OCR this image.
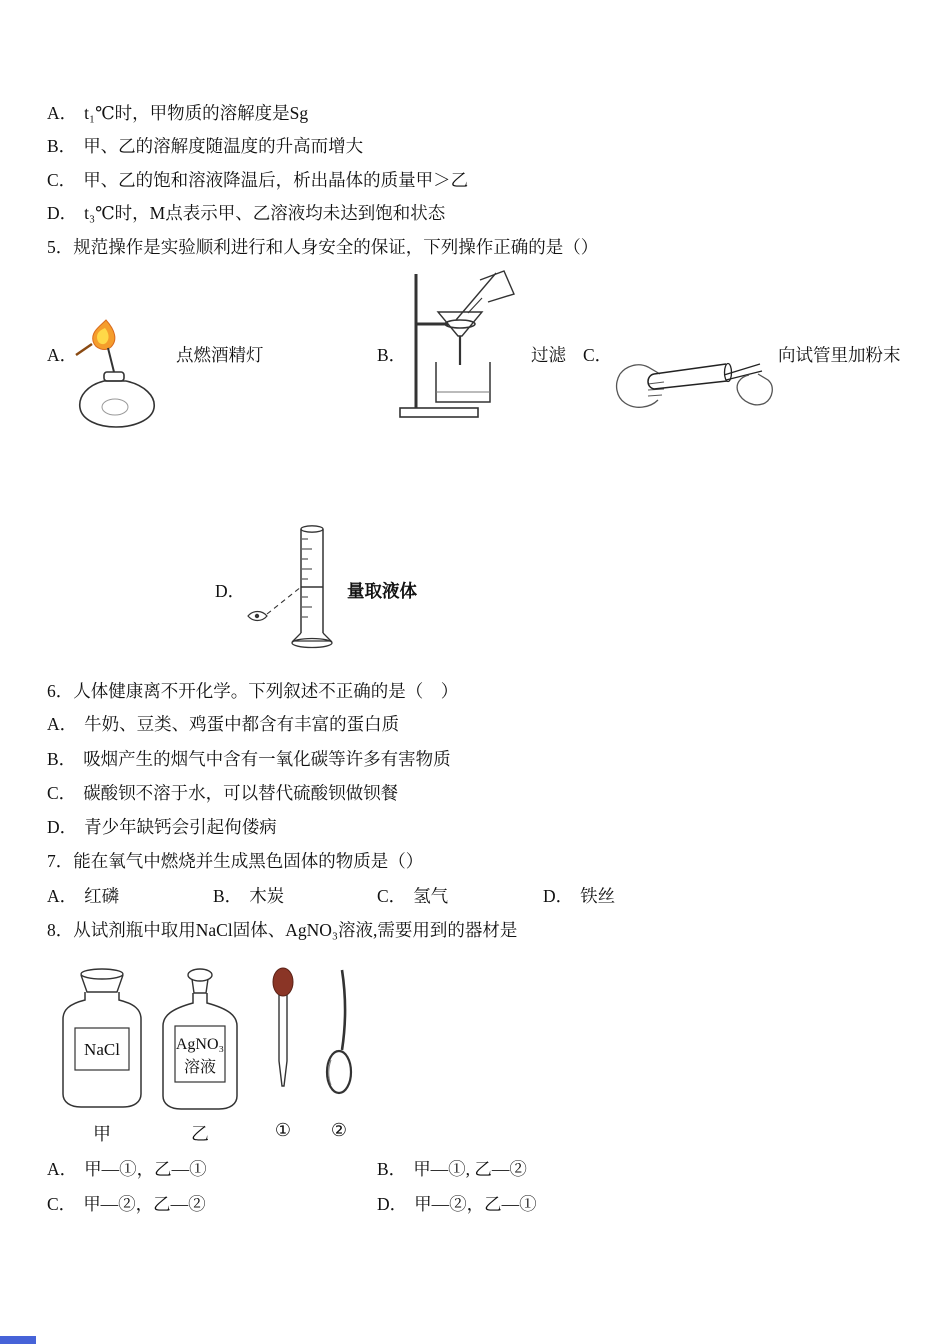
A． t₁℃时，甲物质的溶解度是Sg
B． 甲、乙的溶解度随温度的升高而增大
C． 甲、乙的饱和溶液降温后，析出晶体的质量甲＞乙
D． t₃℃时，M点表示甲、乙溶液均未达到饱和状态
5．规范操作是实验顺利进行和人身安全的保证，下列操作正确的是（）
A．	点燃酒精灯	B．	过滤 C．	向试管里加粉末
D．	量取液体
6．人体健康离不开化学。下列叙述不正确的是（　）
A． 牛奶、豆类、鸡蛋中都含有丰富的蛋白质
B． 吸烟产生的烟气中含有一氧化碳等许多有害物质
C． 碳酸钡不溶于水，可以替代硫酸钡做钡餐
D． 青少年缺钙会引起佝偻病
7．能在氧气中燃烧并生成黑色固体的物质是（）
A． 红磷	B． 木炭	C． 氢气	D． 铁丝
8．从试剂瓶中取用NaCl固体、AgNO₃溶液,需要用到的器材是
NaCl	AgNO₃
溶液
甲	乙	① ②
A． 甲—①，乙—①	B． 甲—①, 乙—②
C． 甲—②，乙—②	D． 甲—②，乙—①
